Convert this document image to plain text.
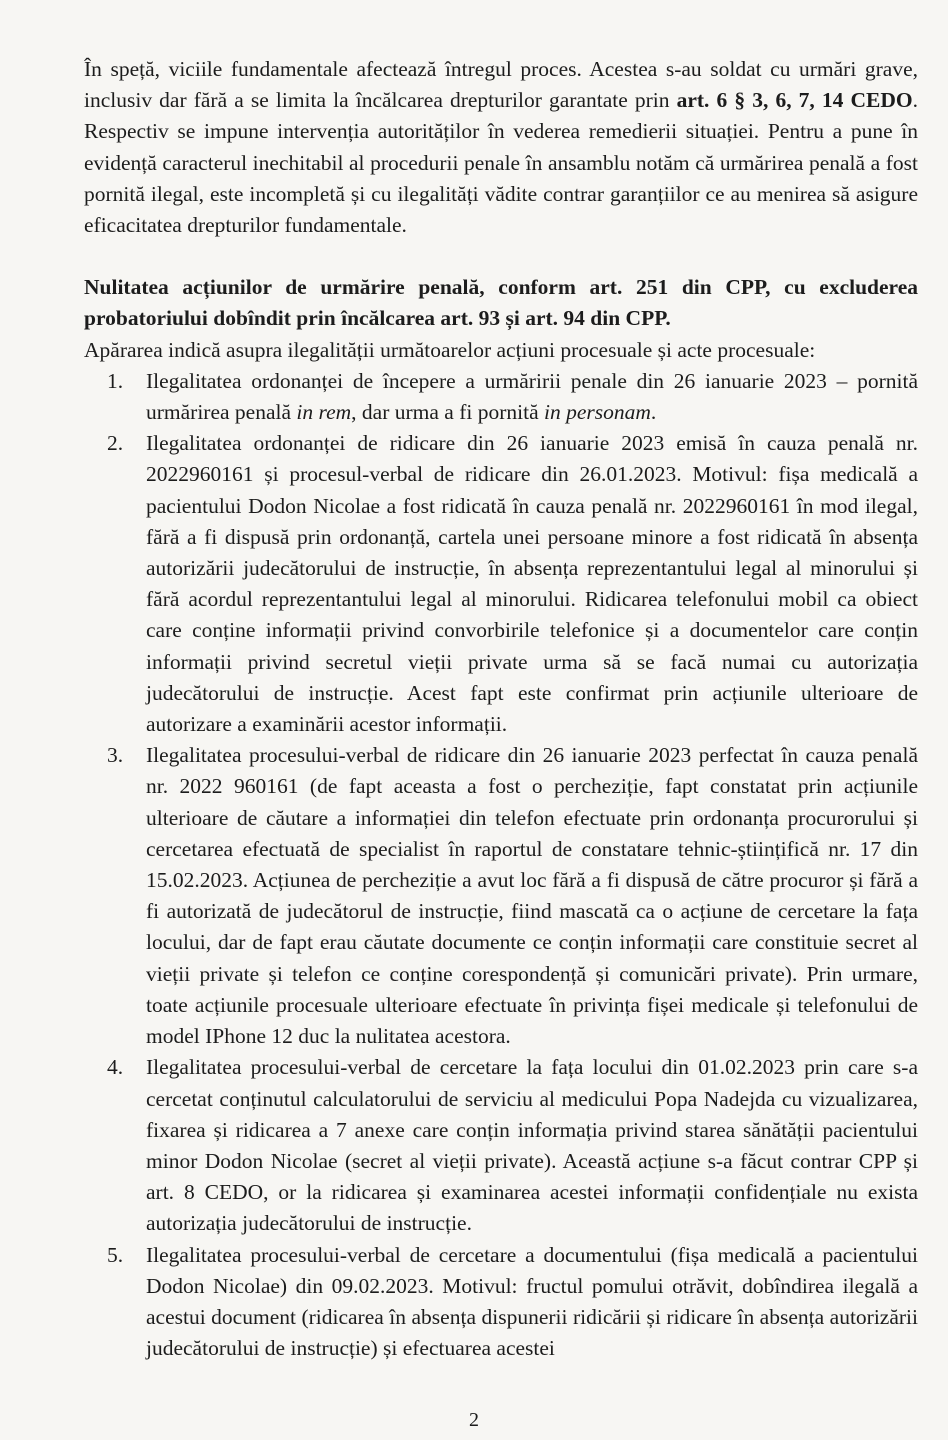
În speță, viciile fundamentale afectează întregul proces. Acestea s-au soldat cu urmări grave, inclusiv dar fără a se limita la încălcarea drepturilor garantate prin art. 6 § 3, 6, 7, 14 CEDO. Respectiv se impune intervenția autorităților în vederea remedierii situației. Pentru a pune în evidență caracterul inechitabil al procedurii penale în ansamblu notăm că urmărirea penală a fost pornită ilegal, este incompletă și cu ilegalități vădite contrar garanțiilor ce au menirea să asigure eficacitatea drepturilor fundamentale.

Nulitatea acțiunilor de urmărire penală, conform art. 251 din CPP, cu excluderea probatoriului dobîndit prin încălcarea art. 93 și art. 94 din CPP.

Apărarea indică asupra ilegalității următoarelor acțiuni procesuale și acte procesuale:

1. Ilegalitatea ordonanței de începere a urmăririi penale din 26 ianuarie 2023 – pornită urmărirea penală in rem, dar urma a fi pornită in personam.
2. Ilegalitatea ordonanței de ridicare din 26 ianuarie 2023 emisă în cauza penală nr. 2022960161 și procesul-verbal de ridicare din 26.01.2023. Motivul: fișa medicală a pacientului Dodon Nicolae a fost ridicată în cauza penală nr. 2022960161 în mod ilegal, fără a fi dispusă prin ordonanță, cartela unei persoane minore a fost ridicată în absența autorizării judecătorului de instrucție, în absența reprezentantului legal al minorului și fără acordul reprezentantului legal al minorului. Ridicarea telefonului mobil ca obiect care conține informații privind convorbirile telefonice și a documentelor care conțin informații privind secretul vieții private urma să se facă numai cu autorizația judecătorului de instrucție. Acest fapt este confirmat prin acțiunile ulterioare de autorizare a examinării acestor informații.
3. Ilegalitatea procesului-verbal de ridicare din 26 ianuarie 2023 perfectat în cauza penală nr. 2022 960161 (de fapt aceasta a fost o percheziție, fapt constatat prin acțiunile ulterioare de căutare a informației din telefon efectuate prin ordonanța procurorului și cercetarea efectuată de specialist în raportul de constatare tehnic-științifică nr. 17 din 15.02.2023. Acțiunea de percheziție a avut loc fără a fi dispusă de către procuror și fără a fi autorizată de judecătorul de instrucție, fiind mascată ca o acțiune de cercetare la fața locului, dar de fapt erau căutate documente ce conțin informații care constituie secret al vieții private și telefon ce conține corespondență și comunicări private). Prin urmare, toate acțiunile procesuale ulterioare efectuate în privința fișei medicale și telefonului de model IPhone 12 duc la nulitatea acestora.
4. Ilegalitatea procesului-verbal de cercetare la fața locului din 01.02.2023 prin care s-a cercetat conținutul calculatorului de serviciu al medicului Popa Nadejda cu vizualizarea, fixarea și ridicarea a 7 anexe care conțin informația privind starea sănătății pacientului minor Dodon Nicolae (secret al vieții private). Această acțiune s-a făcut contrar CPP și art. 8 CEDO, or la ridicarea și examinarea acestei informații confidențiale nu exista autorizația judecătorului de instrucție.
5. Ilegalitatea procesului-verbal de cercetare a documentului (fișa medicală a pacientului Dodon Nicolae) din 09.02.2023. Motivul: fructul pomului otrăvit, dobîndirea ilegală a acestui document (ridicarea în absența dispunerii ridicării și ridicare în absența autorizării judecătorului de instrucție) și efectuarea acestei
2
